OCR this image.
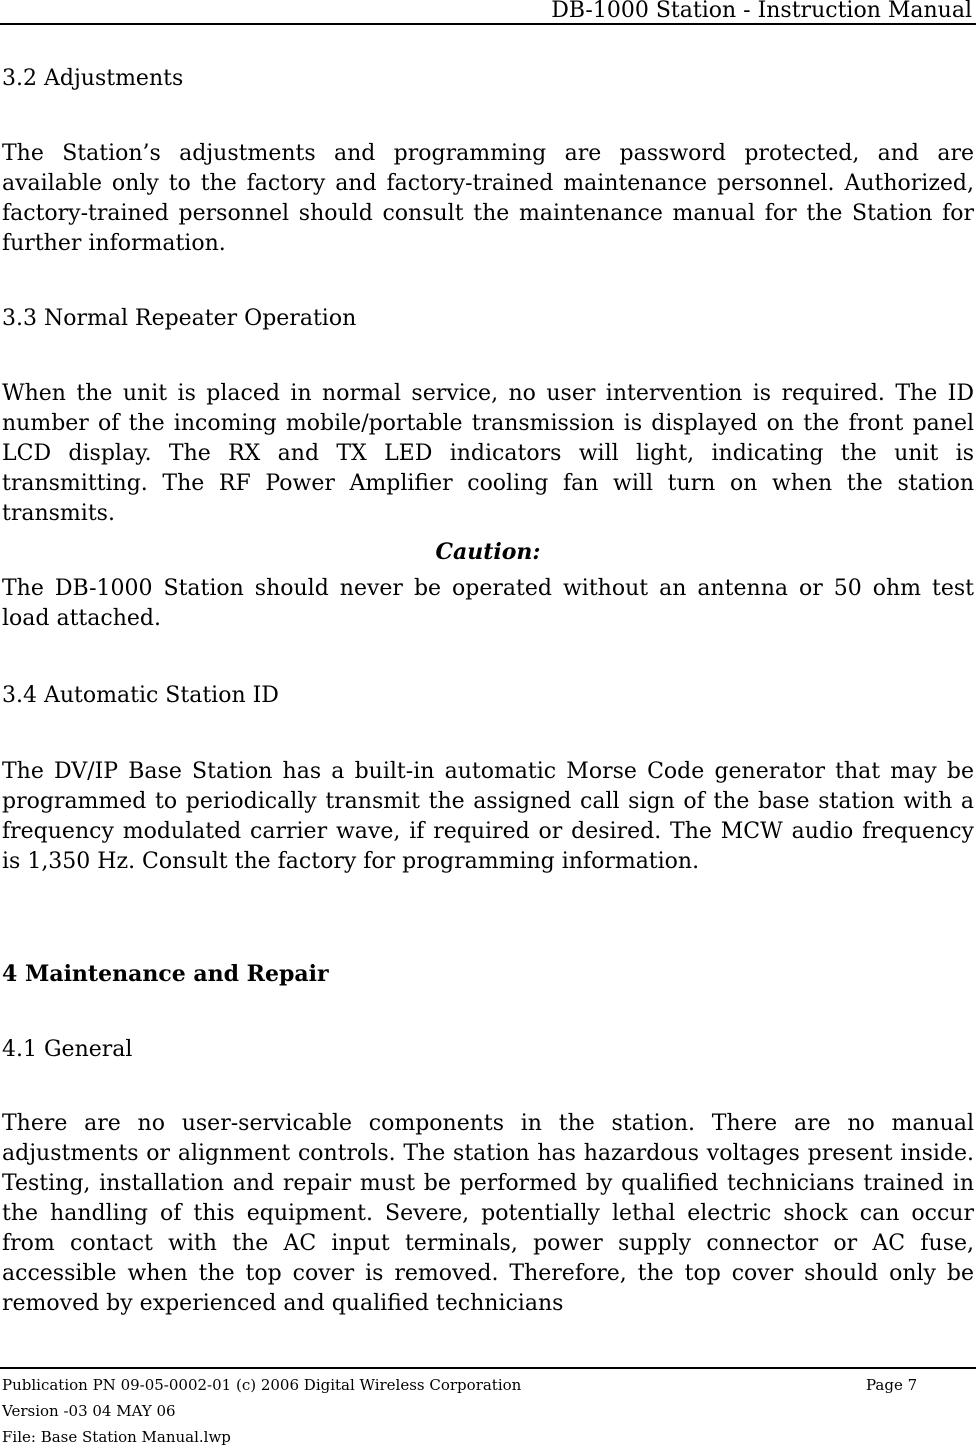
DB-1000 Station - Instruction Manual
3.2 Adjustments

The Station’s adjustments and programming are password protected, and are available only to the factory and factory-trained maintenance personnel. Authorized, factory-trained personnel should consult the maintenance manual for the Station for further information.

3.3 Normal Repeater Operation

When the unit is placed in normal service, no user intervention is required. The ID number of the incoming mobile/portable transmission is displayed on the front panel LCD display. The RX and TX LED indicators will light, indicating the unit is transmitting. The RF Power Amplifier cooling fan will turn on when the station transmits.

Caution:

The DB-1000 Station should never be operated without an antenna or 50 ohm test load attached.

3.4 Automatic Station ID

The DV/IP Base Station has a built-in automatic Morse Code generator that may be programmed to periodically transmit the assigned call sign of the base station with a frequency modulated carrier wave, if required or desired. The MCW audio frequency is 1,350 Hz. Consult the factory for programming information.

4 Maintenance and Repair
4.1 General

There are no user-servicable components in the station. There are no manual adjustments or alignment controls. The station has hazardous voltages present inside. Testing, installation and repair must be performed by qualified technicians trained in the handling of this equipment. Severe, potentially lethal electric shock can occur from contact with the AC input terminals, power supply connector or AC fuse, accessible when the top cover is removed. Therefore, the top cover should only be removed by experienced and qualified technicians

Publication PN 09-05-0002-01 (c) 2006 Digital Wireless Corporation	Page 7
Version -03 04 MAY 06
File: Base Station Manual.lwp
